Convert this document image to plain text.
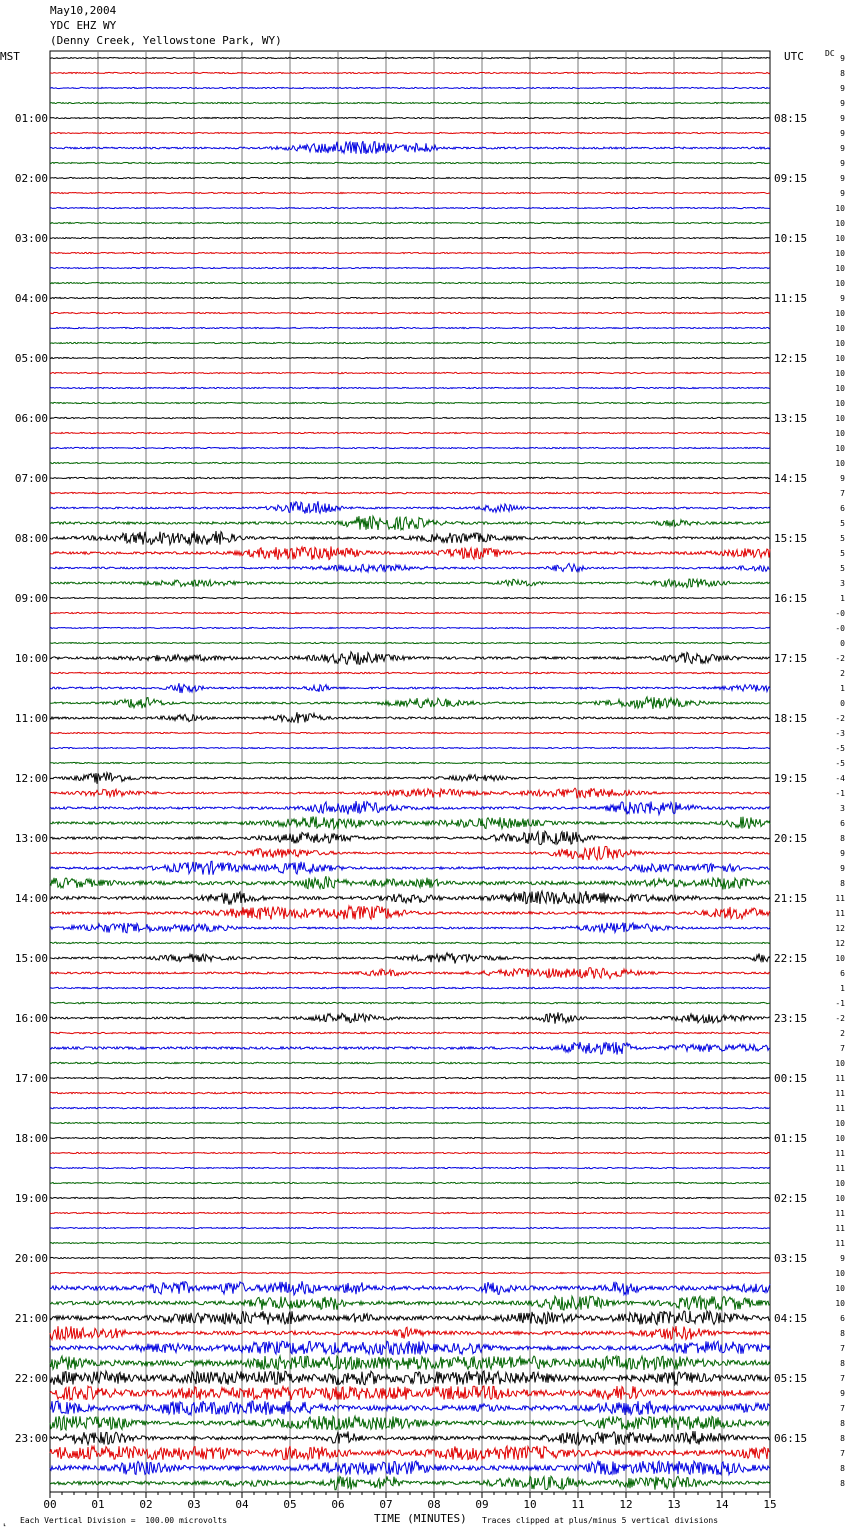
May10,2004
YDC EHZ WY
(Denny Creek, Yellowstone Park, WY)
MST	UTC	DC
00	01	02	03	04	05	06	07	08	09	10	11	12	13	14	15
9
8
9
9
9
9
9
9
9
9
10
10
10
10
10
10
9
10
10
10
10
10
10
10
10
10
10
10
9
7
6
5
5
5
5
3
1
-0
-0
0
-2
2
1
0
-2
-3
-5
-5
-4
-1
3
6
8
9
9
8
11
11
12
12
10
6
1
-1
-2
2
7
10
11
11
11
10
10
11
11
10
10
11
11
11
9
10
10
10
6
8
7
8
7
9
7
8
8
7
8
8
01:00
02:00
03:00
04:00
05:00
06:00
07:00
08:00
09:00
10:00
11:00
12:00
13:00
14:00
15:00
16:00
17:00
18:00
19:00
20:00
21:00
22:00
23:00
08:15
09:15
10:15
11:15
12:15
13:15
14:15
15:15
16:15
17:15
18:15
19:15
20:15
21:15
22:15
23:15
00:15
01:15
02:15
03:15
04:15
05:15
06:15
⸤ Each Vertical Division =  100.00 microvolts	TIME (MINUTES) Traces clipped at plus/minus 5 vertical divisions
